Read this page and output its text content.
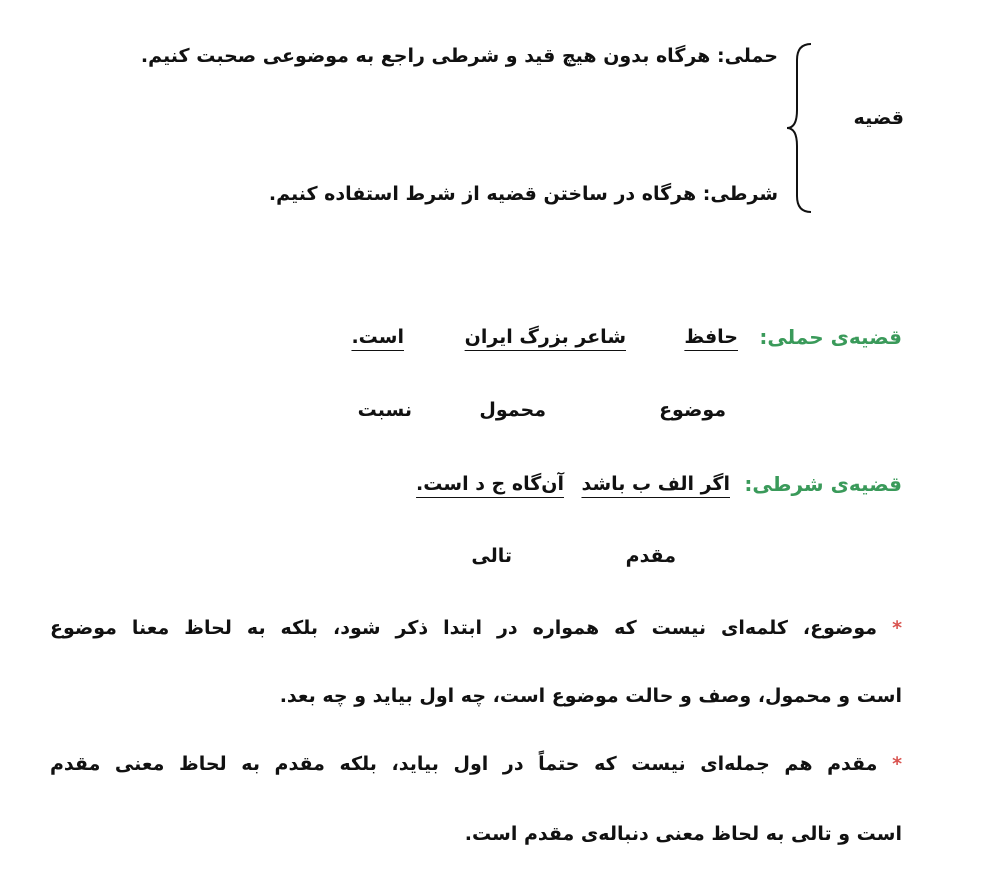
قضیه
حملی: هرگاه بدون هیچ قید و شرطی راجع به موضوعی صحبت کنیم.
شرطی: هرگاه در ساختن قضیه از شرط استفاده کنیم.
قضیه‌ی حملی:
حافظ
شاعر بزرگ ایران
است.
موضوع
محمول
نسبت
قضیه‌ی شرطی:
اگر الف ب باشد
آن‌گاه ج د است.
مقدم
تالی
* موضوع، کلمه‌ای نیست که همواره در ابتدا ذکر شود، بلکه به لحاظ معنا موضوع
است و محمول، وصف و حالت موضوع است، چه اول بیاید و چه بعد.
* مقدم هم جمله‌ای نیست که حتماً در اول بیاید، بلکه مقدم به لحاظ معنی مقدم
است و تالی به لحاظ معنی دنباله‌ی مقدم است.
